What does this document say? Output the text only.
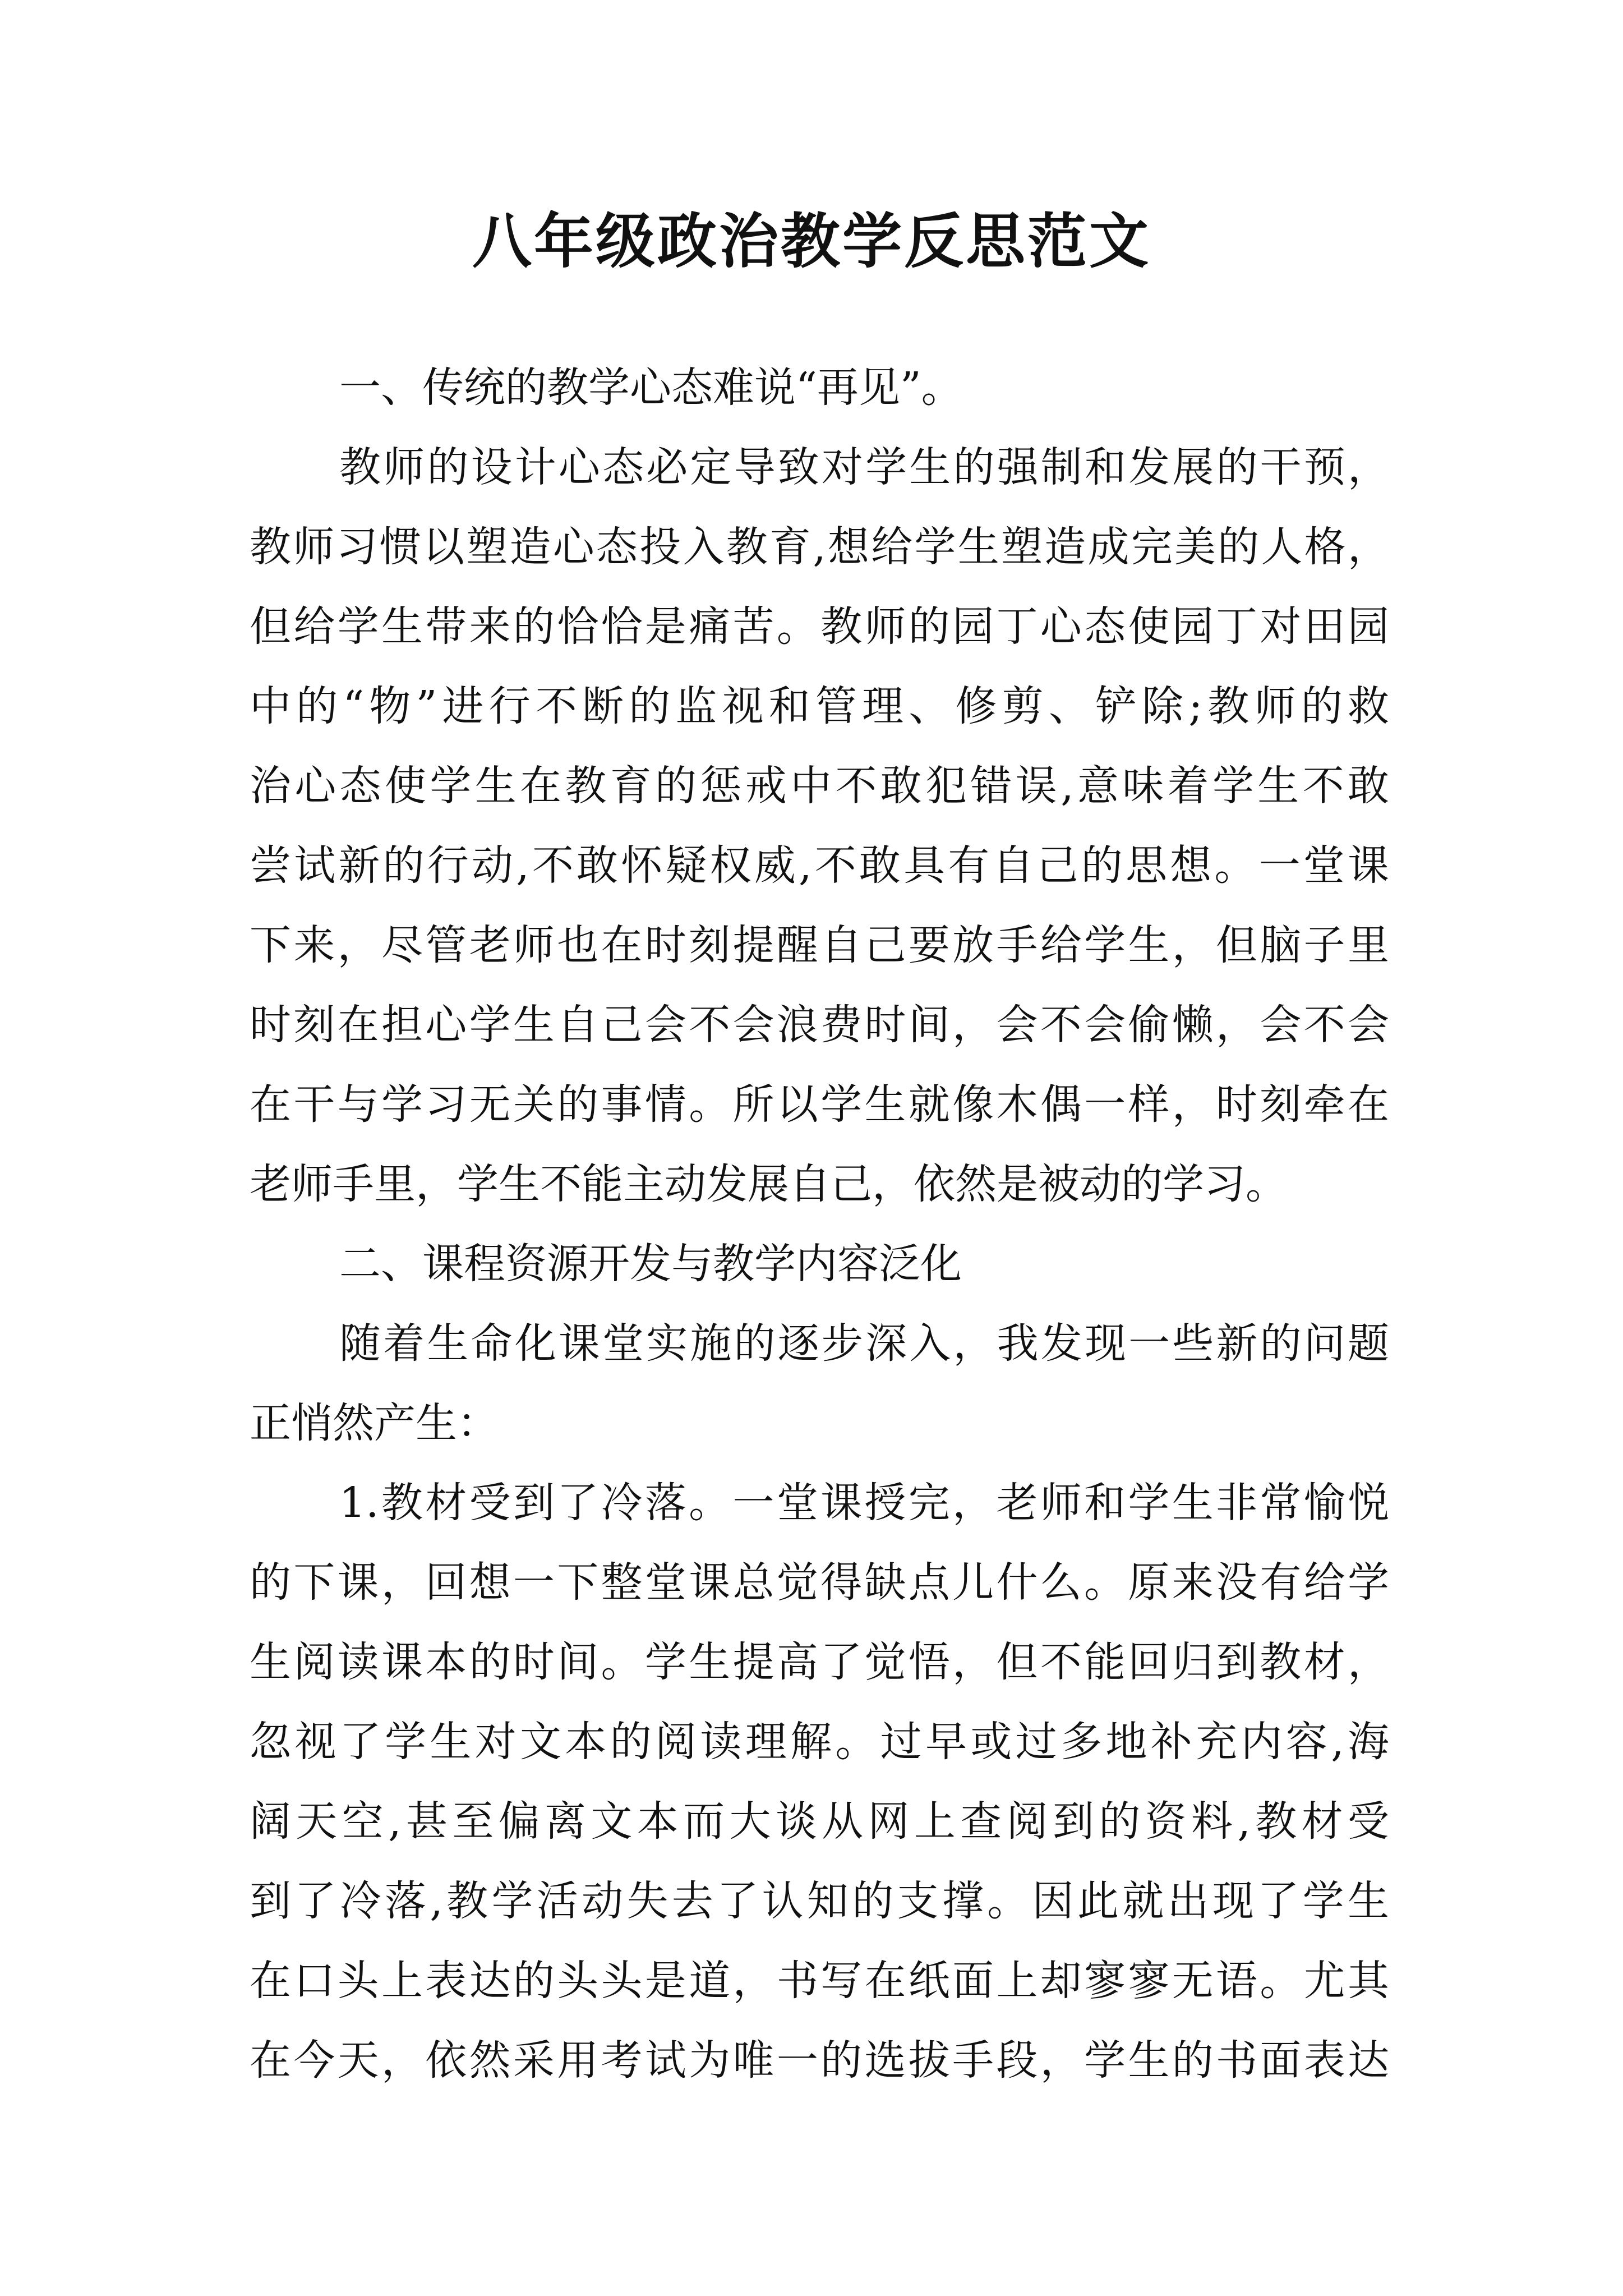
八年级政治教学反思范文
一、传统的教学心态难说“再见”。
教师的设计心态必定导致对学生的强制和发展的干预，
教师习惯以塑造心态投入教育,想给学生塑造成完美的人格，
但给学生带来的恰恰是痛苦。教师的园丁心态使园丁对田园
中的“物”进行不断的监视和管理、修剪、铲除;教师的救
治心态使学生在教育的惩戒中不敢犯错误,意味着学生不敢
尝试新的行动,不敢怀疑权威,不敢具有自己的思想。一堂课
下来，尽管老师也在时刻提醒自己要放手给学生，但脑子里
时刻在担心学生自己会不会浪费时间，会不会偷懒，会不会
在干与学习无关的事情。所以学生就像木偶一样，时刻牵在
老师手里，学生不能主动发展自己，依然是被动的学习。
二、课程资源开发与教学内容泛化
随着生命化课堂实施的逐步深入，我发现一些新的问题
正悄然产生：
1.教材受到了冷落。一堂课授完，老师和学生非常愉悦
的下课，回想一下整堂课总觉得缺点儿什么。原来没有给学
生阅读课本的时间。学生提高了觉悟，但不能回归到教材，
忽视了学生对文本的阅读理解。过早或过多地补充内容,海
阔天空,甚至偏离文本而大谈从网上查阅到的资料,教材受
到了冷落,教学活动失去了认知的支撑。因此就出现了学生
在口头上表达的头头是道，书写在纸面上却寥寥无语。尤其
在今天，依然采用考试为唯一的选拔手段，学生的书面表达
